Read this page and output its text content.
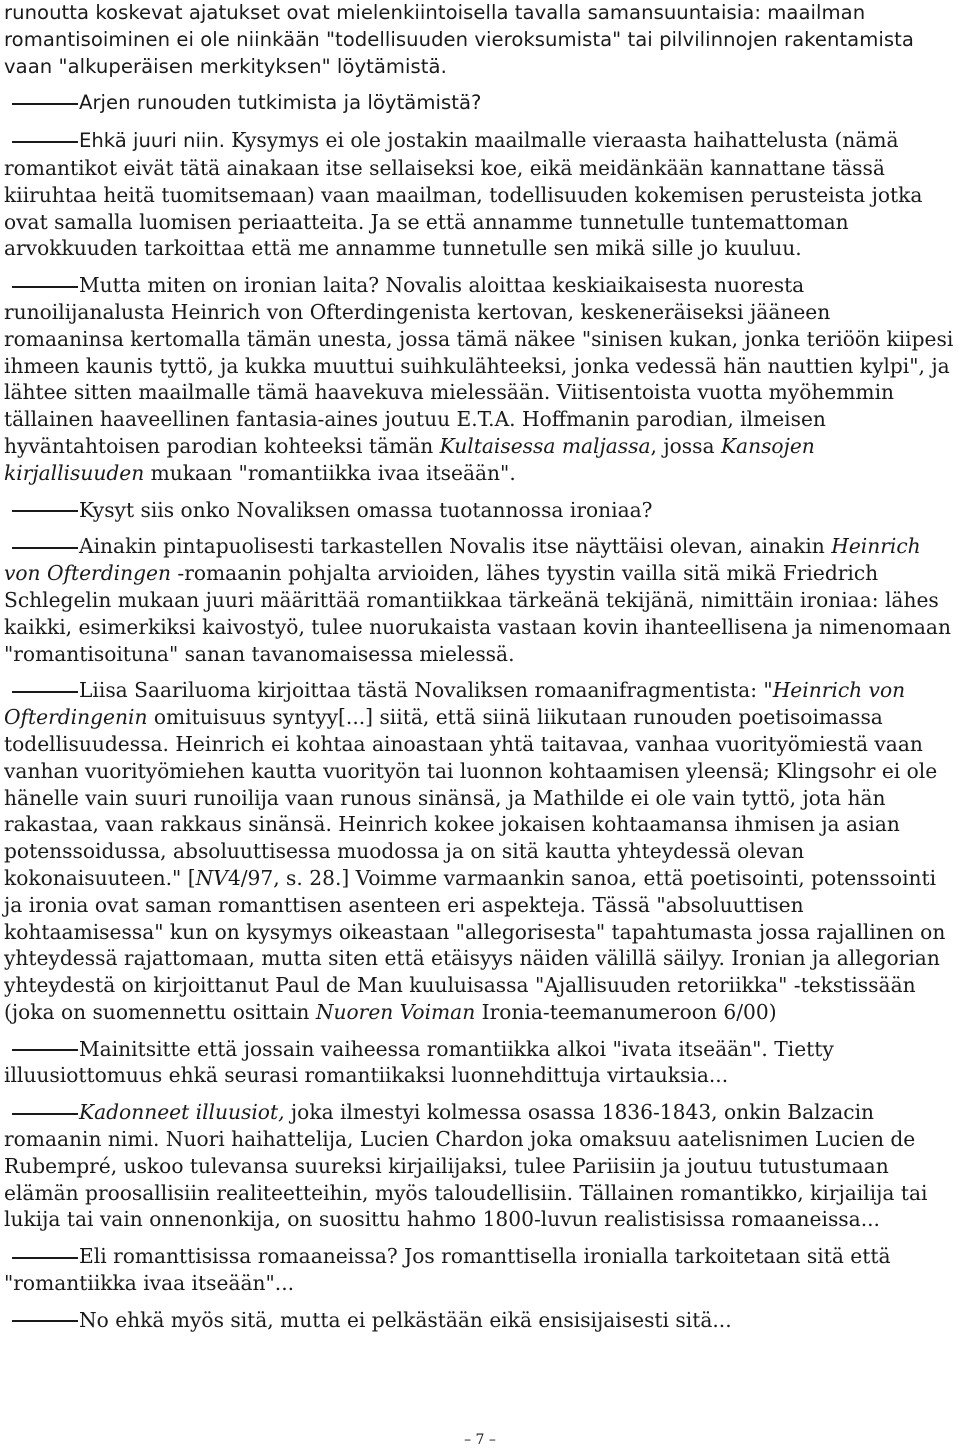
runoutta koskevat ajatukset ovat mielenkiintoisella tavalla samansuuntaisia: maailman romantisoiminen ei ole niinkään "todellisuuden vieroksumista" tai pilvilinnojen rakentamista vaan "alkuperäisen merkityksen" löytämistä.

Arjen runouden tutkimista ja löytämistä?

Ehkä juuri niin. Kysymys ei ole jostakin maailmalle vieraasta haihattelusta (nämä romantikot eivät tätä ainakaan itse sellaiseksi koe, eikä meidänkään kannattane tässä kiiruhtaa heitä tuomitsemaan) vaan maailman, todellisuuden kokemisen perusteista jotka ovat samalla luomisen periaatteita. Ja se että annamme tunnetulle tuntemattoman arvokkuuden tarkoittaa että me annamme tunnetulle sen mikä sille jo kuuluu.

Mutta miten on ironian laita? Novalis aloittaa keskiaikaisesta nuoresta runoilijanalusta Heinrich von Ofterdingenista kertovan, keskeneräiseksi jääneen romaaninsa kertomalla tämän unesta, jossa tämä näkee "sinisen kukan, jonka teriöön kiipesi ihmeen kaunis tyttö, ja kukka muuttui suihkulähteeksi, jonka vedessä hän nauttien kylpi", ja lähtee sitten maailmalle tämä haavekuva mielessään. Viitisentoista vuotta myöhemmin tällainen haaveellinen fantasia-aines joutuu E.T.A. Hoffmanin parodian, ilmeisen hyväntahtoisen parodian kohteeksi tämän Kultaisessa maljassa, jossa Kansojen kirjallisuuden mukaan "romantiikka ivaa itseään".

Kysyt siis onko Novaliksen omassa tuotannossa ironiaa?

Ainakin pintapuolisesti tarkastellen Novalis itse näyttäisi olevan, ainakin Heinrich von Ofterdingen -romaanin pohjalta arvioiden, lähes tyystin vailla sitä mikä Friedrich Schlegelin mukaan juuri määrittää romantiikkaa tärkeänä tekijänä, nimittäin ironiaa: lähes kaikki, esimerkiksi kaivostyö, tulee nuorukaista vastaan kovin ihanteellisena ja nimenomaan "romantisoituna" sanan tavanomaisessa mielessä.

Liisa Saariluoma kirjoittaa tästä Novaliksen romaanifragmentista: "Heinrich von Ofterdingenin omituisuus syntyy[...] siitä, että siinä liikutaan runouden poetisoimassa todellisuudessa. Heinrich ei kohtaa ainoastaan yhtä taitavaa, vanhaa vuorityömiestä vaan vanhan vuorityömiehen kautta vuorityön tai luonnon kohtaamisen yleensä; Klingsohr ei ole hänelle vain suuri runoilija vaan runous sinänsä, ja Mathilde ei ole vain tyttö, jota hän rakastaa, vaan rakkaus sinänsä. Heinrich kokee jokaisen kohtaamansa ihmisen ja asian potenssoidussa, absoluuttisessa muodossa ja on sitä kautta yhteydessä olevan kokonaisuuteen." [NV4/97, s. 28.] Voimme varmaankin sanoa, että poetisointi, potenssointi ja ironia ovat saman romanttisen asenteen eri aspekteja. Tässä "absoluuttisen kohtaamisessa" kun on kysymys oikeastaan "allegorisesta" tapahtumasta jossa rajallinen on yhteydessä rajattomaan, mutta siten että etäisyys näiden välillä säilyy. Ironian ja allegorian yhteydestä on kirjoittanut Paul de Man kuuluisassa "Ajallisuuden retoriikka" -tekstissään (joka on suomennettu osittain Nuoren Voiman Ironia-teemanumeroon 6/00)

Mainitsitte että jossain vaiheessa romantiikka alkoi "ivata itseään". Tietty illuusiottomuus ehkä seurasi romantiikaksi luonnehdittuja virtauksia...

Kadonneet illuusiot, joka ilmestyi kolmessa osassa 1836-1843, onkin Balzacin romaanin nimi. Nuori haihattelija, Lucien Chardon joka omaksuu aatelisnimen Lucien de Rubempré, uskoo tulevansa suureksi kirjailijaksi, tulee Pariisiin ja joutuu tutustumaan elämän proosallisiin realiteetteihin, myös taloudellisiin. Tällainen romantikko, kirjailija tai lukija tai vain onnenonkija, on suosittu hahmo 1800-luvun realistisissa romaaneissa...

Eli romanttisissa romaaneissa? Jos romanttisella ironialla tarkoitetaan sitä että "romantiikka ivaa itseään"...

No ehkä myös sitä, mutta ei pelkästään eikä ensisijaisesti sitä...

– 7 –
